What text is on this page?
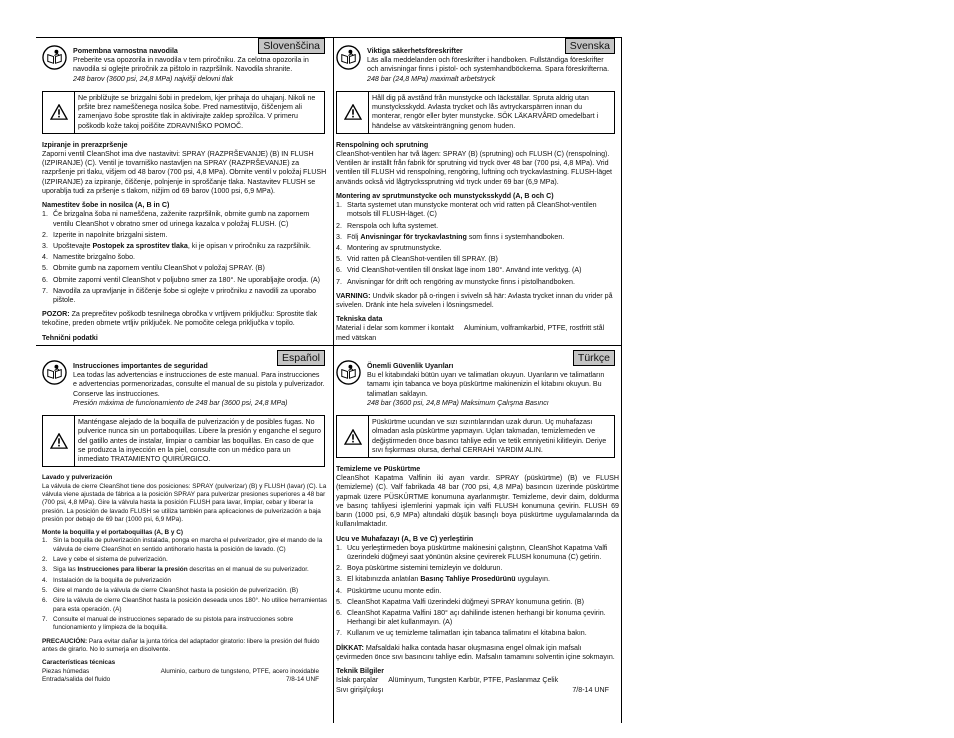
Slovenščina
Pomembna varnostna navodila
Preberite vsa opozorila in navodila v tem priročniku. Za celotna opozorila in navodila si oglejte priročnik za pištolo in razpršilnik. Navodila shranite.
248 barov (3600 psi, 24,8 MPa) najvišji delovni tlak
Ne približujte se brizgalni šobi in predelom, kjer prihaja do uhajanj. Nikoli ne pršite brez nameščenega nosilca šobe. Pred namestitvijo, čiščenjem ali zamenjavo šobe sprostite tlak in aktivirajte zaklep sprožilca. V primeru poškodb kože takoj poiščite ZDRAVNIŠKO POMOČ.
Izpiranje in prerazpršenje
Zaporni ventil CleanShot ima dve nastavitvi: SPRAY (RAZPRŠEVANJE) (B) IN FLUSH (IZPIRANJE) (C). Ventil je tovarniško nastavljen na SPRAY (RAZPRŠEVANJE) za razpršenje pri tlaku, višjem od 48 barov (700 psi, 4,8 MPa). Obrnite ventil v položaj FLUSH (IZPIRANJE) za izpiranje, čiščenje, polnjenje in sproščanje tlaka. Nastavitev FLUSH se uporablja tudi za pršenje s tlakom, nižjim od 69 barov (1000 psi, 6,9 MPa).
Namestitev šobe in nosilca (A, B in C)
1. Če brizgalna šoba ni nameščena, zaženite razpršilnik, obrnite gumb na zapornem ventilu CleanShot v obratno smer od urinega kazalca v položaj FLUSH. (C)
2. Izperite in napolnite brizgalni sistem.
3. Upoštevajte Postopek za sprostitev tlaka, ki je opisan v priročniku za razpršilnik.
4. Namestite brizgalno šobo.
5. Obrnite gumb na zapornem ventilu CleanShot v položaj SPRAY. (B)
6. Obrnite zaporni ventil CleanShot v poljubno smer za 180°. Ne uporabljajte orodja. (A)
7. Navodila za upravljanje in čiščenje šobe si oglejte v priročniku z navodili za uporabo pištole.
POZOR: Za preprečitev poškodb tesnilnega obročka v vrtljivem priključku: Sprostite tlak tekočine, preden obrnete vrtljiv priključek. Ne pomočite celega priključka v topilo.
Tehnični podatki
Svenska
Viktiga säkerhetsföreskrifter
Läs alla meddelanden och föreskrifter i handboken. Fullständiga föreskrifter och anvisningar finns i pistol- och systemhandböckerna. Spara föreskrifterna.
248 bar (24,8 MPa) maximalt arbetstryck
Håll dig på avstånd från munstycke och läckställar. Spruta aldrig utan munstycksskydd. Avlasta trycket och lås avtryckarspärren innan du monterar, rengör eller byter munstycke. SÖK LÄKARVÅRD omedelbart i händelse av vätskeinträngning genom huden.
Renspolning och sprutning
CleanShot-ventilen har två lägen: SPRAY (B) (sprutning) och FLUSH (C) (renspolning). Ventilen är inställt från fabrik för sprutning vid tryck över 48 bar (700 psi, 4,8 MPa). Vrid ventilen till FLUSH vid renspolning, rengöring, luftning och tryckavlastning. FLUSH-läget används också vid lågtryckssprutning vid tryck under 69 bar (6,9 MPa).
Montering av sprutmunstycke och munstycksskydd (A, B och C)
1. Starta systemet utan munstycke monterat och vrid ratten på CleanShot-ventilen motsols till FLUSH-läget. (C)
2. Renspola och lufta systemet.
3. Följ Anvisningar för tryckavlastning som finns i systemhandboken.
4. Montering av sprutmunstycke.
5. Vrid ratten på CleanShot-ventilen till SPRAY. (B)
6. Vrid CleanShot-ventilen till önskat läge inom 180°. Använd inte verktyg. (A)
7. Anvisningar för drift och rengöring av munstycke finns i pistolhandboken.
VARNING: Undvik skador på o-ringen i sviveln så här: Avlasta trycket innan du vrider på svivelen. Dränk inte hela svivelen i lösningsmedel.
Tekniska data
Material i delar som kommer i kontakt	Aluminium, volframkarbid, PTFE, rostfritt stål
med vätskan
Español
Instrucciones importantes de seguridad
Lea todas las advertencias e instrucciones de este manual. Para instrucciones e advertencias pormenorizadas, consulte el manual de su pistola y pulverizador. Conserve las instrucciones.
Presión máxima de funcionamiento de 248 bar (3600 psi, 24,8 MPa)
Manténgase alejado de la boquilla de pulverización y de posibles fugas. No pulverice nunca sin un portaboquillas. Libere la presión y enganche el seguro del gatillo antes de instalar, limpiar o cambiar las boquillas. En caso de que se produzca la inyección en la piel, consulte con un médico para un inmediato TRATAMIENTO QUIRÚRGICO.
Lavado y pulverización
La válvula de cierre CleanShot tiene dos posiciones: SPRAY (pulverizar) (B) y FLUSH (lavar) (C). La válvula viene ajustada de fábrica a la posición SPRAY para pulverizar presiones superiores a 48 bar (700 psi, 4,8 MPa). Gire la válvula hasta la posición FLUSH para lavar, limpiar, cebar y liberar la presión. La posición de lavado FLUSH se utiliza también para aplicaciones de pulverización a baja presión por debajo de 69 bar (1000 psi, 6,9 MPa).
Monte la boquilla y el portaboquillas (A, B y C)
1. Sin la boquilla de pulverización instalada, ponga en marcha el pulverizador, gire el mando de la válvula de cierre CleanShot en sentido antihorario hasta la posición de lavado. (C)
2. Lave y cebe el sistema de pulverización.
3. Siga las Instrucciones para liberar la presión descritas en el manual de su pulverizador.
4. Instalación de la boquilla de pulverización
5. Gire el mando de la válvula de cierre CleanShot hasta la posición de pulverización. (B)
6. Gire la válvula de cierre CleanShot hasta la posición deseada unos 180°. No utilice herramientas para esta operación. (A)
7. Consulte el manual de instrucciones separado de su pistola para instrucciones sobre funcionamiento y limpieza de la boquilla.
PRECAUCIÓN: Para evitar dañar la junta tórica del adaptador giratorio: libere la presión del fluido antes de girarlo. No lo sumerja en disolvente.
Características técnicas
Piezas húmedas	Aluminio, carburo de tungsteno, PTFE, acero inoxidable
Entrada/salida del fluido	7/8-14 UNF
Türkçe
Önemli Güvenlik Uyarıları
Bu el kitabındaki bütün uyarı ve talimatları okuyun. Uyarıların ve talimatların tamamı için tabanca ve boya püskürtme makinenizin el kitabını okuyun. Bu talimatları saklayın.
248 bar (3600 psi, 24,8 MPa) Maksimum Çalışma Basıncı
Püskürtme ucundan ve sızı sızıntılarından uzak durun. Uç muhafazası olmadan asla püskürtme yapmayın. Uçları takmadan, temizlemeden ve değiştirmeden önce basıncı tahliye edin ve tetik emniyetini kilitleyin. Deriye sıvı fışkırması olursa, derhal CERRAHİ YARDIM ALIN.
Temizleme ve Püskürtme
CleanShot Kapatma Valfinin iki ayarı vardır. SPRAY (püskürtme) (B) ve FLUSH (temizleme) (C). Valf fabrikada 48 bar (700 psi, 4,8 MPa) basıncın üzerinde püskürtme yapmak üzere PÜSKÜRTME konumuna ayarlanmıştır. Temizleme, devir daim, doldurma ve basınç tahliyesi işlemlerini yapmak için valfi FLUSH konumuna çevirin. FLUSH 69 barın (1000 psi, 6,9 MPa) altındaki düşük basınçlı boya püskürtme uygulamalarında da kullanılmaktadır.
Ucu ve Muhafazayı (A, B ve C) yerleştirin
1. Ucu yerleştirmeden boya püskürtme makinesini çalıştırın, CleanShot Kapatma Valfi üzerindeki düğmeyi saat yönünün aksine çevirerek FLUSH konumuna (C) getirin.
2. Boya püskürtme sistemini temizleyin ve doldurun.
3. El kitabınızda anlatılan Basınç Tahliye Prosedürünü uygulayın.
4. Püskürtme ucunu monte edin.
5. CleanShot Kapatma Valfi üzerindeki düğmeyi SPRAY konumuna getirin. (B)
6. CleanShot Kapatma Valfini 180° açı dahilinde istenen herhangi bir konuma çevirin. Herhangi bir alet kullanmayın. (A)
7. Kullanım ve uç temizleme talimatları için tabanca talimatını el kitabına bakın.
DİKKAT: Mafsaldaki halka contada hasar oluşmasına engel olmak için mafsalı çevirmeden önce sıvı basıncını tahliye edin. Mafsalın tamamını solventin içine sokmayın.
Teknik Bilgiler
Islak parçalar	Alüminyum, Tungsten Karbür, PTFE, Paslanmaz Çelik
Sıvı girişi/çıkışı	7/8-14 UNF
